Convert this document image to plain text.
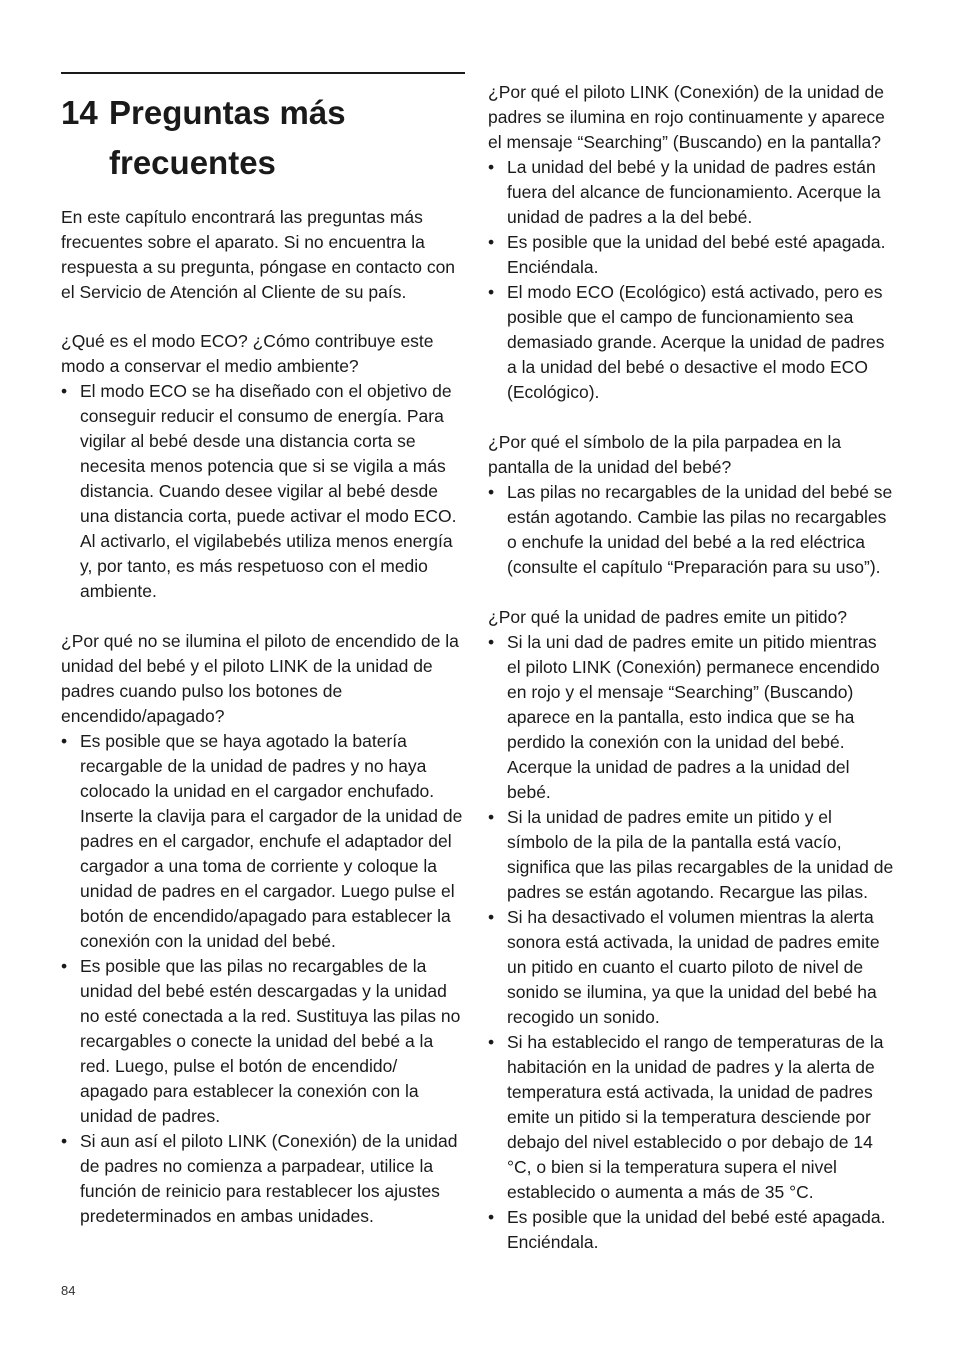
14 Preguntas más
frecuentes

En este capítulo encontrará las preguntas más frecuentes sobre el aparato. Si no encuentra la respuesta a su pregunta, póngase en contacto con el Servicio de Atención al Cliente de su país.

¿Qué es el modo ECO? ¿Cómo contribuye este modo a conservar el medio ambiente?

• El modo ECO se ha diseñado con el objetivo de conseguir reducir el consumo de energía. Para vigilar al bebé desde una distancia corta se necesita menos potencia que si se vigila a más distancia. Cuando desee vigilar al bebé desde una distancia corta, puede activar el modo ECO. Al activarlo, el vigilabebés utiliza menos energía y, por tanto, es más respetuoso con el medio ambiente.

¿Por qué no se ilumina el piloto de encendido de la unidad del bebé y el piloto LINK de la unidad de padres cuando pulso los botones de encendido/apagado?

• Es posible que se haya agotado la batería recargable de la unidad de padres y no haya colocado la unidad en el cargador enchufado. Inserte la clavija para el cargador de la unidad de padres en el cargador, enchufe el adaptador del cargador a una toma de corriente y coloque la unidad de padres en el cargador. Luego pulse el botón de encendido/apagado para establecer la conexión con la unidad del bebé.
• Es posible que las pilas no recargables de la unidad del bebé estén descargadas y la unidad no esté conectada a la red. Sustituya las pilas no recargables o conecte la unidad del bebé a la red. Luego, pulse el botón de encendido/ apagado para establecer la conexión con la unidad de padres.
• Si aun así el piloto LINK (Conexión) de la unidad de padres no comienza a parpadear, utilice la función de reinicio para restablecer los ajustes predeterminados en ambas unidades.

¿Por qué el piloto LINK (Conexión) de la unidad de padres se ilumina en rojo continuamente y aparece el mensaje “Searching” (Buscando) en la pantalla?

• La unidad del bebé y la unidad de padres están fuera del alcance de funcionamiento. Acerque la unidad de padres a la del bebé.
• Es posible que la unidad del bebé esté apagada. Enciéndala.
• El modo ECO (Ecológico) está activado, pero es posible que el campo de funcionamiento sea demasiado grande. Acerque la unidad de padres a la unidad del bebé o desactive el modo ECO (Ecológico).

¿Por qué el símbolo de la pila parpadea en la pantalla de la unidad del bebé?

• Las pilas no recargables de la unidad del bebé se están agotando. Cambie las pilas no recargables o enchufe la unidad del bebé a la red eléctrica (consulte el capítulo “Preparación para su uso”).

¿Por qué la unidad de padres emite un pitido?

• Si la uni dad de padres emite un pitido mientras el piloto LINK (Conexión) permanece encendido en rojo y el mensaje “Searching” (Buscando) aparece en la pantalla, esto indica que se ha perdido la conexión con la unidad del bebé. Acerque la unidad de padres a la unidad del bebé.
• Si la unidad de padres emite un pitido y el símbolo de la pila de la pantalla está vacío, significa que las pilas recargables de la unidad de padres se están agotando. Recargue las pilas.
• Si ha desactivado el volumen mientras la alerta sonora está activada, la unidad de padres emite un pitido en cuanto el cuarto piloto de nivel de sonido se ilumina, ya que la unidad del bebé ha recogido un sonido.
• Si ha establecido el rango de temperaturas de la habitación en la unidad de padres y la alerta de temperatura está activada, la unidad de padres emite un pitido si la temperatura desciende por debajo del nivel establecido o por debajo de 14 °C, o bien si la temperatura supera el nivel establecido o aumenta a más de 35 °C.
• Es posible que la unidad del bebé esté apagada. Enciéndala.
84
